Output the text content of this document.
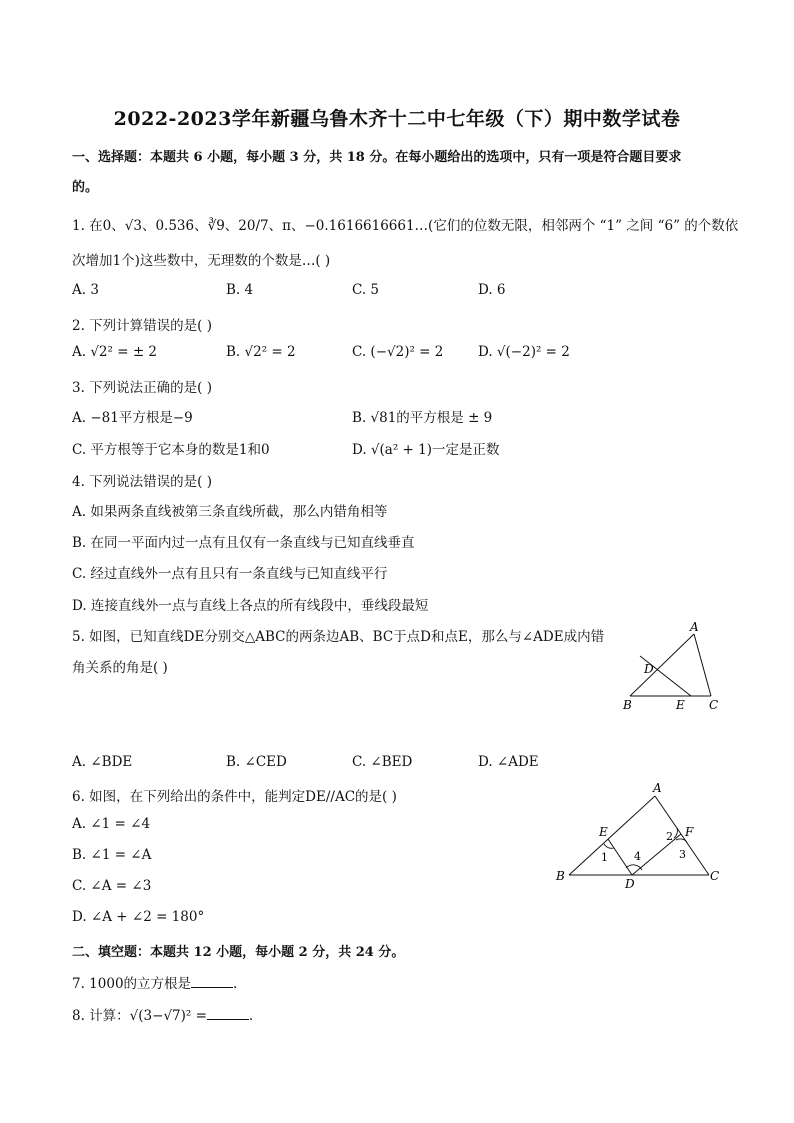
2022-2023学年新疆乌鲁木齐十二中七年级（下）期中数学试卷
一、选择题：本题共 6 小题，每小题 3 分，共 18 分。在每小题给出的选项中，只有一项是符合题目要求
的。
1. 在0、√3、0.5̇36̇、∛9、20/7、π、−0.1616616661…(它们的位数无限，相邻两个 “1” 之间 “6” 的个数依
次增加1个)这些数中，无理数的个数是…( )
A. 3	B. 4	C. 5	D. 6
2. 下列计算错误的是( )
A. √2² = ± 2	B. √2² = 2	C. (−√2)² = 2	D. √(−2)² = 2
3. 下列说法正确的是( )
A. −81平方根是−9	B. √81的平方根是 ± 9
C. 平方根等于它本身的数是1和0	D. √(a² + 1)一定是正数
4. 下列说法错误的是( )
A. 如果两条直线被第三条直线所截，那么内错角相等
B. 在同一平面内过一点有且仅有一条直线与已知直线垂直
C. 经过直线外一点有且只有一条直线与已知直线平行
D. 连接直线外一点与直线上各点的所有线段中，垂线段最短
5. 如图，已知直线DE分别交△ABC的两条边AB、BC于点D和点E，那么与∠ADE成内错
角关系的角是( )
A
D
B	E C
A. ∠BDE	B. ∠CED	C. ∠BED	D. ∠ADE
6. 如图，在下列给出的条件中，能判定DE//AC的是( )
A. ∠1 = ∠4
B. ∠1 = ∠A
C. ∠A = ∠3
D. ∠A + ∠2 = 180°
A
E	F
B
D
C
1
2
3
4
二、填空题：本题共 12 小题，每小题 2 分，共 24 分。
7. 1000的立方根是	.
8. 计算：√(3−√7)² =	.
